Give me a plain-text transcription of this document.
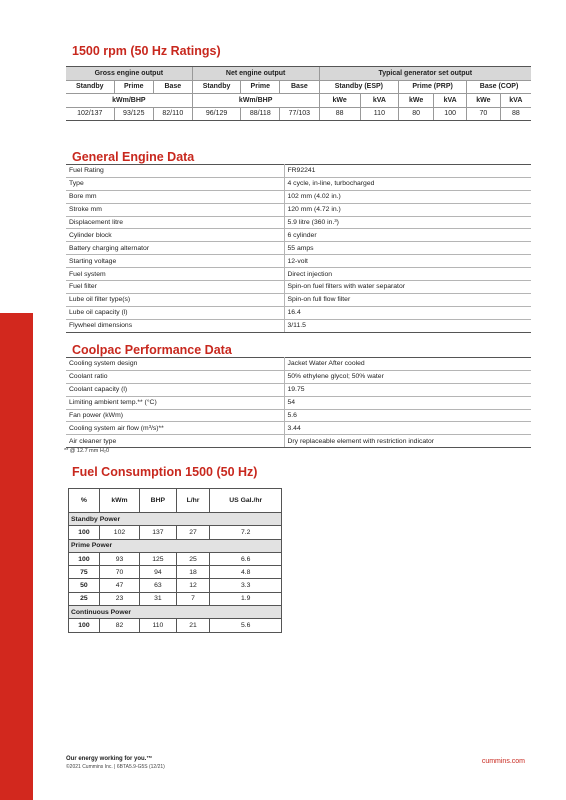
1500 rpm (50 Hz Ratings)
Gross engine output			Net engine output			Typical generator set output					
Standby	Prime	Base	Standby	Prime	Base	Standby (ESP)		Prime (PRP)		Base (COP)	
kWm/BHP			kWm/BHP			kWe	kVA	kWe	kVA	kWe	kVA
102/137	93/125	82/110	96/129	88/118	77/103	88	110	80	100	70	88
General Engine Data
Fuel Rating	FR92241
Type	4 cycle, in-line, turbocharged
Bore mm	102 mm (4.02 in.)
Stroke mm	120 mm (4.72 in.)
Displacement litre	5.9 litre (360 in.³)
Cylinder block	6 cylinder
Battery charging alternator	55 amps
Starting voltage	12-volt
Fuel system	Direct injection
Fuel filter	Spin-on fuel filters with water separator
Lube oil filter type(s)	Spin-on full flow filter
Lube oil capacity (l)	16.4
Flywheel dimensions	3/11.5
Coolpac Performance Data
Cooling system design	Jacket Water After cooled
Coolant ratio	50% ethylene glycol; 50% water
Coolant capacity (l)	19.75
Limiting ambient temp.** (°C)	54
Fan power (kWm)	5.6
Cooling system air flow (m³/s)**	3.44
Air cleaner type	Dry replaceable element with restriction indicator
** @ 12.7 mm H₂0
Fuel Consumption 1500 (50 Hz)
%	kWm	BHP	L/hr	US Gal./hr
Standby Power				
100	102	137	27	7.2
Prime Power				
100	93	125	25	6.6
75	70	94	18	4.8
50	47	63	12	3.3
25	23	31	7	1.9
Continuous Power				
100	82	110	21	5.6
Our energy working for you.™
©2021 Cummins Inc. | 6BTA5.9-G5S (12/21)
cummins.com
